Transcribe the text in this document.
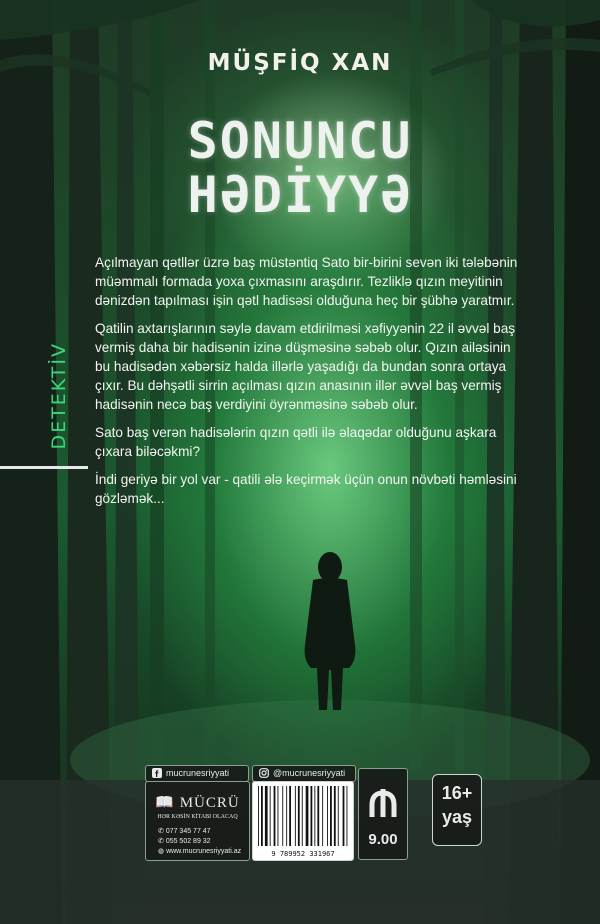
MÜŞFİQ XAN
SONUNCU
HƏDİYYƏ
DETEKTİV

Açılmayan qətllər üzrə baş müstəntiq Sato bir-birini sevən iki tələbənin müəmmalı formada yoxa çıxmasını araşdırır. Tezliklə qızın meyitinin dənizdən tapılması işin qətl hadisəsi olduğuna heç bir şübhə yaratmır.

Qatilin axtarışlarının səylə davam etdirilməsi xəfiyyənin 22 il əvvəl baş vermiş daha bir hadisənin izinə düşməsinə səbəb olur. Qızın ailəsinin bu hadisədən xəbərsiz halda illərlə yaşadığı da bundan sonra ortaya çıxır. Bu dəhşətli sirrin açılması qızın anasının illər əvvəl baş vermiş hadisənin necə baş verdiyini öyrənməsinə səbəb olur.

Sato baş verən hadisələrin qızın qətli ilə əlaqədar olduğunu aşkara çıxara biləcəkmi?

İndi geriyə bir yol var - qatili ələ keçirmək üçün onun növbəti həmləsini gözləmək...

mucrunesriyyati	@mucrunesriyyati
📖 MÜCRÜ
HƏR KƏSİN KİTABI OLACAQ
✆ 077 345 77 47
✆ 055 502 89 32
◍ www.mucrunesriyyati.az	9 789952 331967
9.00
16+
yaş
